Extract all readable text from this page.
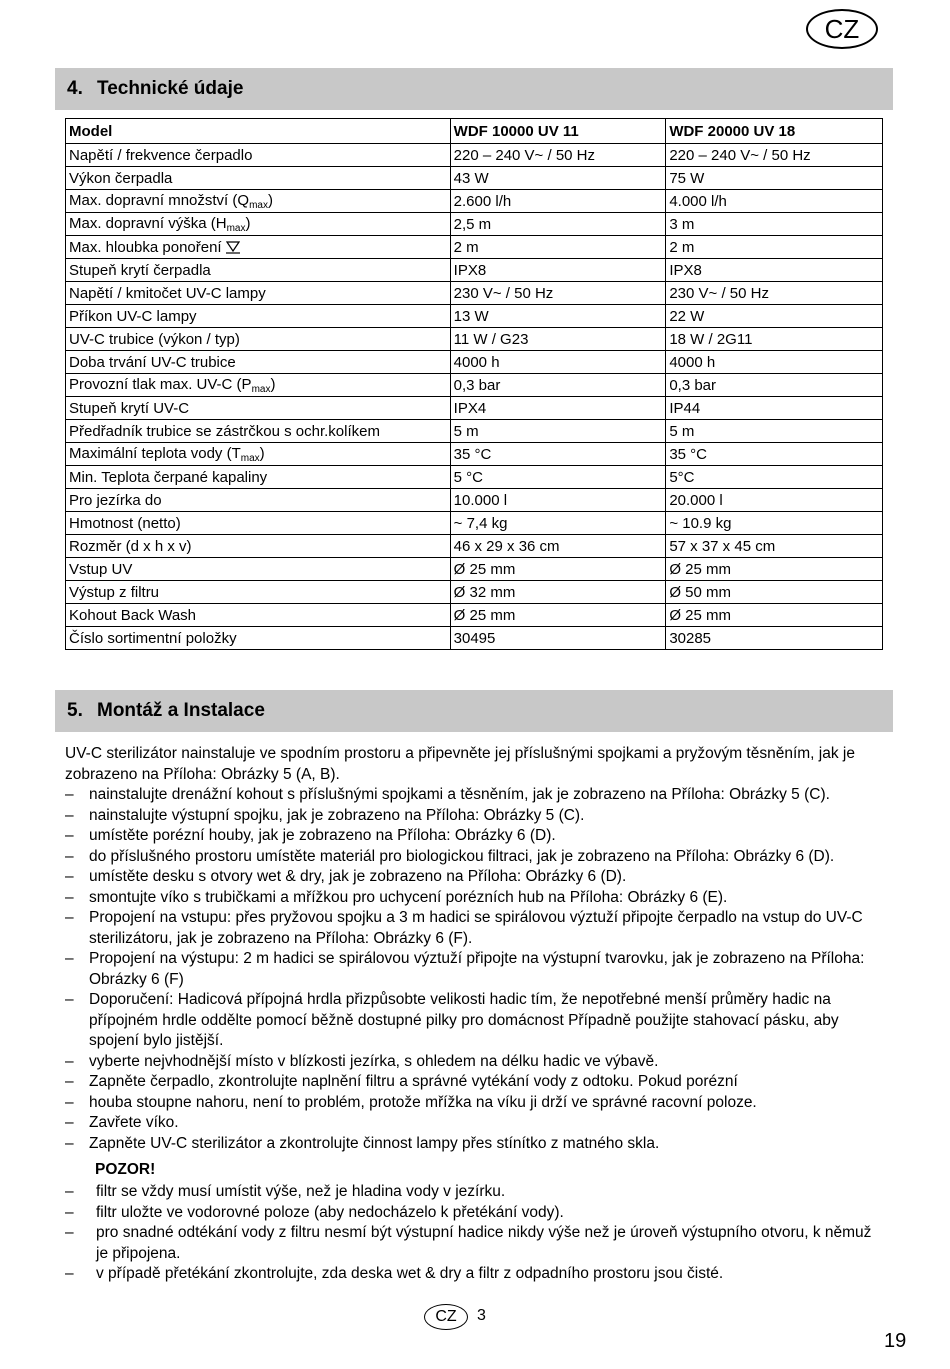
CZ
4. Technické údaje
Model	WDF 10000 UV 11	WDF 20000 UV 18
Napětí / frekvence čerpadlo	220 – 240 V~ / 50 Hz	220 – 240 V~ / 50 Hz
Výkon čerpadla	43 W	75 W
Max. dopravní množství $(Q_{max})$	2.600 l/h	4.000 l/h
Max. dopravní výška $(H_{max})$	2,5 m	3 m
Max. hloubka ponoření	2 m	2 m
Stupeň krytí čerpadla	IPX8	IPX8
Napětí / kmitočet UV-C lampy	230 V~ / 50 Hz	230 V~ / 50 Hz
Příkon UV-C lampy	13 W	22 W
UV-C trubice (výkon / typ)	11 W / G23	18 W / 2G11
Doba trvání UV-C trubice	4000 h	4000 h
Provozní tlak max. UV-C $(P_{max})$	0,3 bar	0,3 bar
Stupeň krytí UV-C	IPX4	IP44
Předřadník trubice se zástrčkou s ochr.kolíkem	5 m	5 m
Maximální teplota vody $(T_{max})$	35 °C	35 °C
Min. Teplota čerpané kapaliny	5 °C	5°C
Pro jezírka do	10.000 l	20.000 l
Hmotnost (netto)	~ 7,4 kg	~ 10.9 kg
Rozměr (d x h x v)	46 x 29 x 36 cm	57 x 37 x 45 cm
Vstup UV	Ø 25 mm	Ø 25 mm
Výstup z filtru	Ø 32 mm	Ø 50 mm
Kohout Back Wash	Ø 25 mm	Ø 25 mm
Číslo sortimentní položky	30495	30285
5. Montáž a Instalace
UV-C sterilizátor nainstaluje ve spodním prostoru a připevněte jej příslušnými spojkami a pryžovým těsněním, jak je zobrazeno na Příloha: Obrázky 5 (A, B).
– nainstalujte drenážní kohout s příslušnými spojkami a těsněním, jak je zobrazeno na Příloha: Obrázky 5 (C).
– nainstalujte výstupní spojku, jak je zobrazeno na Příloha: Obrázky 5 (C).
– umístěte porézní houby, jak je zobrazeno na Příloha: Obrázky 6 (D).
– do příslušného prostoru umístěte materiál pro biologickou filtraci, jak je zobrazeno na Příloha: Obrázky 6 (D).
– umístěte desku s otvory wet & dry, jak je zobrazeno na Příloha: Obrázky 6 (D).
– smontujte víko s trubičkami a mřížkou pro uchycení porézních hub na Příloha: Obrázky 6 (E).
– Propojení na vstupu: přes pryžovou spojku a 3 m hadici se spirálovou výztuží připojte čerpadlo na vstup do UV-C sterilizátoru, jak je zobrazeno na Příloha: Obrázky 6 (F).
– Propojení na výstupu: 2 m hadici se spirálovou výztuží připojte na výstupní tvarovku, jak je zobrazeno na Příloha: Obrázky 6 (F)
– Doporučení: Hadicová přípojná hrdla přizpůsobte velikosti hadic tím, že nepotřebné menší průměry hadic na přípojném hrdle oddělte pomocí běžně dostupné pilky pro domácnost Případně použijte stahovací pásku, aby spojení bylo jistější.
– vyberte nejvhodnější místo v blízkosti jezírka, s ohledem na délku hadic ve výbavě.
– Zapněte čerpadlo, zkontrolujte naplnění filtru a správné vytékání vody z odtoku. Pokud porézní
– houba stoupne nahoru, není to problém, protože mřížka na víku ji drží ve správné racovní poloze.
– Zavřete víko.
– Zapněte UV-C sterilizátor a zkontrolujte činnost lampy přes stínítko z matného skla.
POZOR!
– filtr se vždy musí umístit výše, než je hladina vody v jezírku.
– filtr uložte ve vodorovné poloze (aby nedocházelo k přetékání vody).
– pro snadné odtékání vody z filtru nesmí být výstupní hadice nikdy výše než je úroveň výstupního otvoru, k němuž je připojena.
– v případě přetékání zkontrolujte, zda deska wet & dry a filtr z odpadního prostoru jsou čisté.
CZ	3
19
